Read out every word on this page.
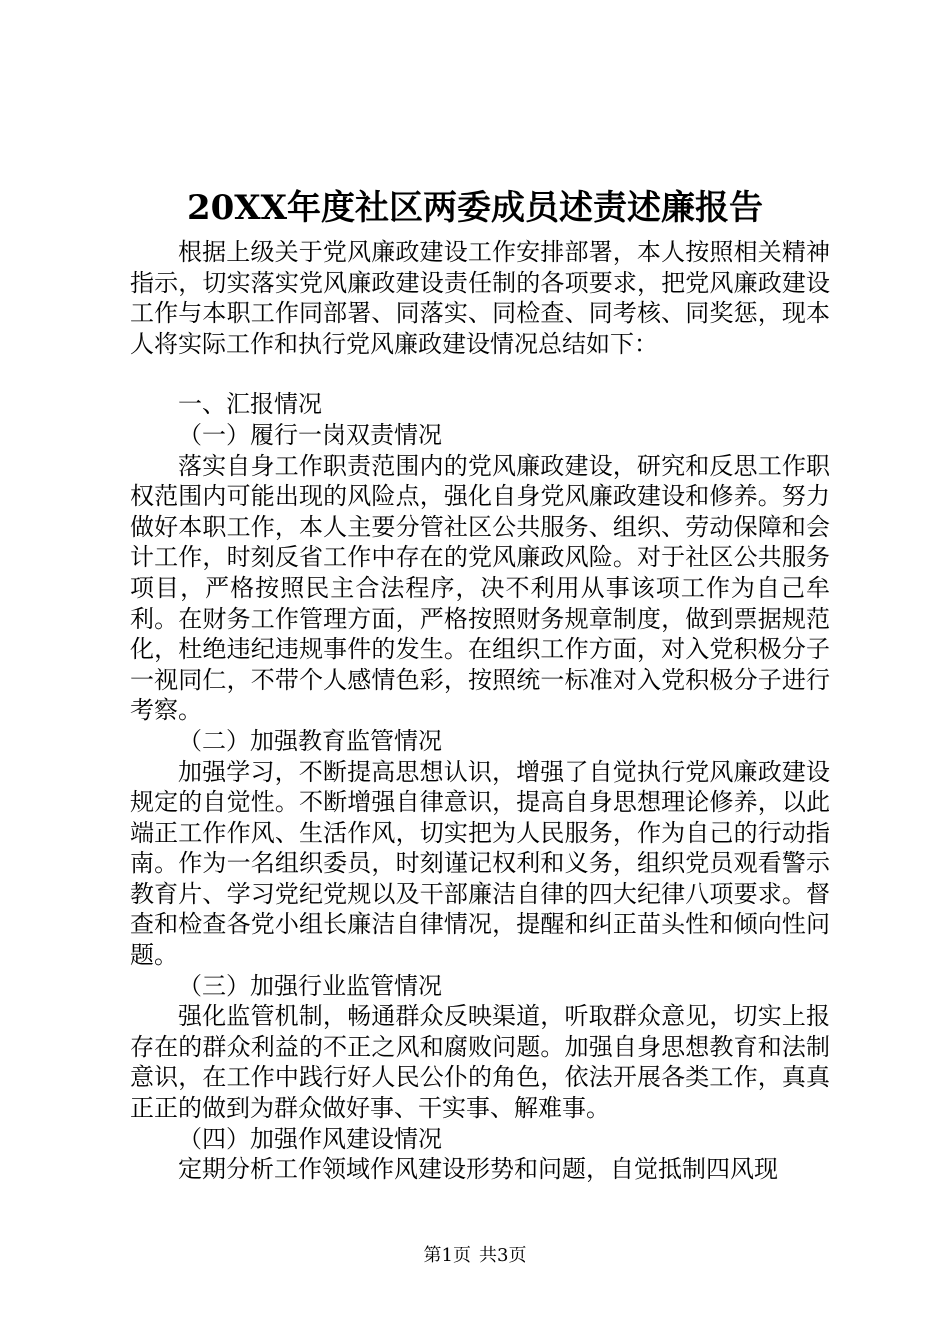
20XX年度社区两委成员述责述廉报告

根据上级关于党风廉政建设工作安排部署，本人按照相关精神指示，切实落实党风廉政建设责任制的各项要求，把党风廉政建设工作与本职工作同部署、同落实、同检查、同考核、同奖惩，现本人将实际工作和执行党风廉政建设情况总结如下：

一、汇报情况

（一）履行一岗双责情况

落实自身工作职责范围内的党风廉政建设，研究和反思工作职权范围内可能出现的风险点，强化自身党风廉政建设和修养。努力做好本职工作，本人主要分管社区公共服务、组织、劳动保障和会计工作，时刻反省工作中存在的党风廉政风险。对于社区公共服务项目，严格按照民主合法程序，决不利用从事该项工作为自己牟利。在财务工作管理方面，严格按照财务规章制度，做到票据规范化，杜绝违纪违规事件的发生。在组织工作方面，对入党积极分子一视同仁，不带个人感情色彩，按照统一标准对入党积极分子进行考察。

（二）加强教育监管情况

加强学习，不断提高思想认识，增强了自觉执行党风廉政建设规定的自觉性。不断增强自律意识，提高自身思想理论修养，以此端正工作作风、生活作风，切实把为人民服务，作为自己的行动指南。作为一名组织委员，时刻谨记权利和义务，组织党员观看警示教育片、学习党纪党规以及干部廉洁自律的四大纪律八项要求。督查和检查各党小组长廉洁自律情况，提醒和纠正苗头性和倾向性问题。

（三）加强行业监管情况

强化监管机制，畅通群众反映渠道，听取群众意见，切实上报存在的群众利益的不正之风和腐败问题。加强自身思想教育和法制意识，在工作中践行好人民公仆的角色，依法开展各类工作，真真正正的做到为群众做好事、干实事、解难事。

（四）加强作风建设情况

定期分析工作领域作风建设形势和问题，自觉抵制四风现

第1页 共3页
